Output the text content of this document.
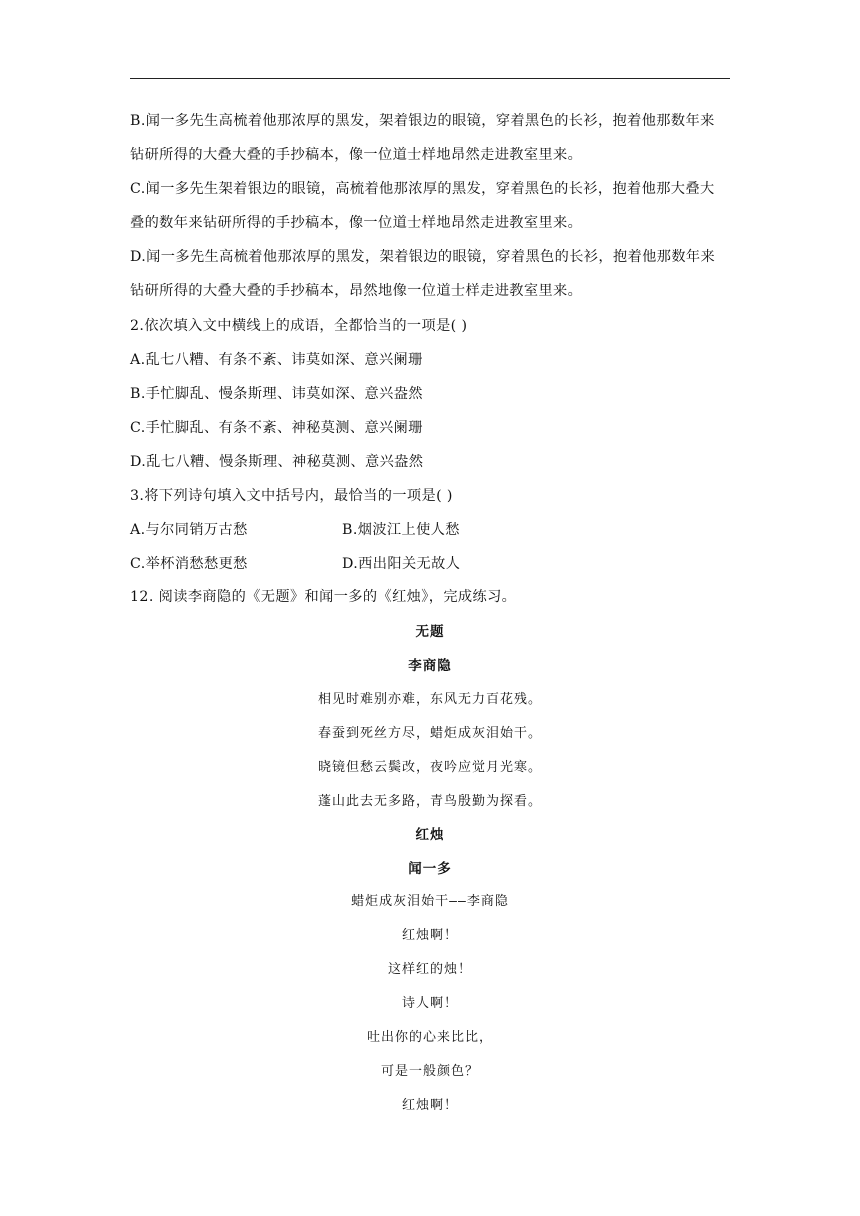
B.闻一多先生高梳着他那浓厚的黑发，架着银边的眼镜，穿着黑色的长衫，抱着他那数年来
钻研所得的大叠大叠的手抄稿本，像一位道士样地昂然走进教室里来。
C.闻一多先生架着银边的眼镜，高梳着他那浓厚的黑发，穿着黑色的长衫，抱着他那大叠大
叠的数年来钻研所得的手抄稿本，像一位道士样地昂然走进教室里来。
D.闻一多先生高梳着他那浓厚的黑发，架着银边的眼镜，穿着黑色的长衫，抱着他那数年来
钻研所得的大叠大叠的手抄稿本，昂然地像一位道士样走进教室里来。
2.依次填入文中横线上的成语，全都恰当的一项是( )
A.乱七八糟、有条不紊、讳莫如深、意兴阑珊
B.手忙脚乱、慢条斯理、讳莫如深、意兴盎然
C.手忙脚乱、有条不紊、神秘莫测、意兴阑珊
D.乱七八糟、慢条斯理、神秘莫测、意兴盎然
3.将下列诗句填入文中括号内，最恰当的一项是( )
A.与尔同销万古愁	B.烟波江上使人愁
C.举杯消愁愁更愁	D.西出阳关无故人
12. 阅读李商隐的《无题》和闻一多的《红烛》，完成练习。
无题
李商隐
相见时难别亦难，东风无力百花残。
春蚕到死丝方尽，蜡炬成灰泪始干。
晓镜但愁云鬓改，夜吟应觉月光寒。
蓬山此去无多路，青鸟殷勤为探看。
红烛
闻一多
蜡炬成灰泪始干——李商隐
红烛啊！
这样红的烛！
诗人啊！
吐出你的心来比比，
可是一般颜色？
红烛啊！
